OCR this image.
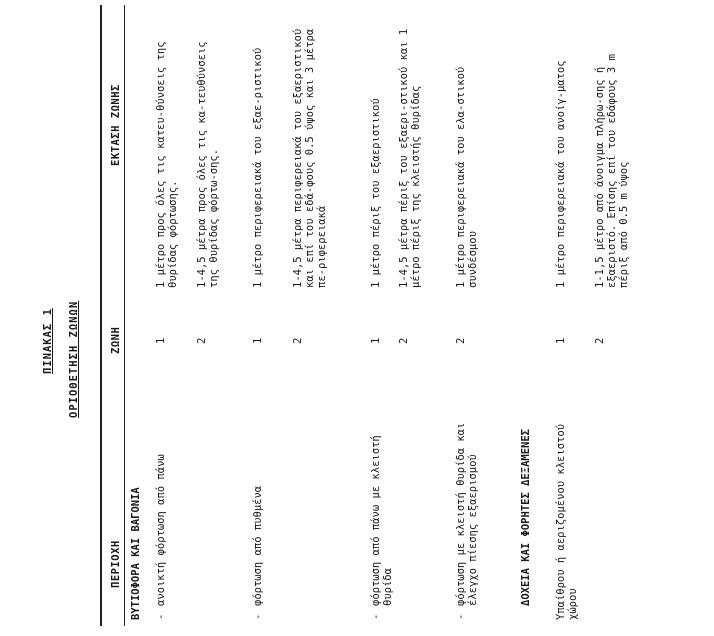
ΠΙΝΑΚΑΣ 1 ΟΡΙΟΘΕΤΗΣΗ ΖΩΝΩΝ
ΠΕΡΙΟΧΗ
ΖΩΝΗ
ΕΚΤΑΣΗ ΖΩΝΗΣ
ΒΥΤΙΟΦΟΡΑ ΚΑΙ ΒΑΓΟΝΙΑ -
ανοικτή φόρτωση από πάνω
1
1 μέτρο προς όλες τις κατευ-θύνσεις της θυρίδας φόρτωσης.
2
1-4,5 μέτρα προς όλες τις κα-τευθύνσεις της θυρίδας φόρτω-σης.
-
φόρτωση από πυθμένα
1
1 μέτρο περιφερειακά του εξαε-ριστικού
2
1-4,5 μέτρα περιφερειακά του εξαεριστικού και επί του εδά-φους 0.5 ύψος και 3 μέτρα πε-ριφερειακά
-
φόρτωση από πάνω με κλειστή θυρίδα
1
1 μέτρο πέριξ του εξαεριστικού
2
1-4,5 μέτρα πέριξ του εξαερι-στικού και 1 μέτρο πέριξ της κλειστής θυρίδας
-
φόρτωση με κλειστή θυρίδα και έλεγχο πίεσης εξαερισμού
2
1 μέτρο περιφερειακά του ελα-στικού συνδέσμου
ΔΟΧΕΙΑ ΚΑΙ ΦΟΡΗΤΕΣ ΔΕΞΑΜΕΝΕΣ Υπαίθρου ή αεριζομένου κλειστού χώρου
1
1 μέτρο περιφερειακά του ανοίγ-ματος
2
1-1,5 μέτρο από άνοιγμα πλήρω-σης ή εξαεριστό. Επίσης επί του εδάφους 3 m πέριξ από 0.5 m ύψος
